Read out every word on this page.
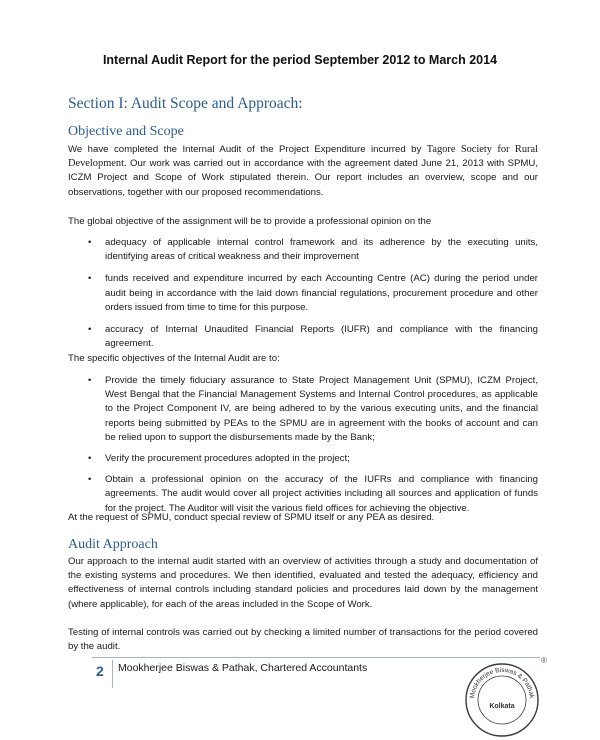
Internal Audit Report for the period September 2012 to March 2014
Section I: Audit Scope and Approach:
Objective and Scope
We have completed the Internal Audit of the Project Expenditure incurred by Tagore Society for Rural Development. Our work was carried out in accordance with the agreement dated June 21, 2013 with SPMU, ICZM Project and Scope of Work stipulated therein. Our report includes an overview, scope and our observations, together with our proposed recommendations.
The global objective of the assignment will be to provide a professional opinion on the
• adequacy of applicable internal control framework and its adherence by the executing units, identifying areas of critical weakness and their improvement
• funds received and expenditure incurred by each Accounting Centre (AC) during the period under audit being in accordance with the laid down financial regulations, procurement procedure and other orders issued from time to time for this purpose.
• accuracy of Internal Unaudited Financial Reports (IUFR) and compliance with the financing agreement.
The specific objectives of the Internal Audit are to:
• Provide the timely fiduciary assurance to State Project Management Unit (SPMU), ICZM Project, West Bengal that the Financial Management Systems and Internal Control procedures, as applicable to the Project Component IV, are being adhered to by the various executing units, and the financial reports being submitted by PEAs to the SPMU are in agreement with the books of account and can be relied upon to support the disbursements made by the Bank;
• Verify the procurement procedures adopted in the project;
• Obtain a professional opinion on the accuracy of the IUFRs and compliance with financing agreements. The audit would cover all project activities including all sources and application of funds for the project. The Auditor will visit the various field offices for achieving the objective.
At the request of SPMU, conduct special review of SPMU itself or any PEA as desired.
Audit Approach
Our approach to the internal audit started with an overview of activities through a study and documentation of the existing systems and procedures. We then identified, evaluated and tested the adequacy, efficiency and effectiveness of internal controls including standard policies and procedures laid down by the management (where applicable), for each of the areas included in the Scope of Work.
Testing of internal controls was carried out by checking a limited number of transactions for the period covered by the audit.
2 Mookherjee Biswas & Pathak, Chartered Accountants
Mookherjee Biswas & Pathak
Kolkata
®
